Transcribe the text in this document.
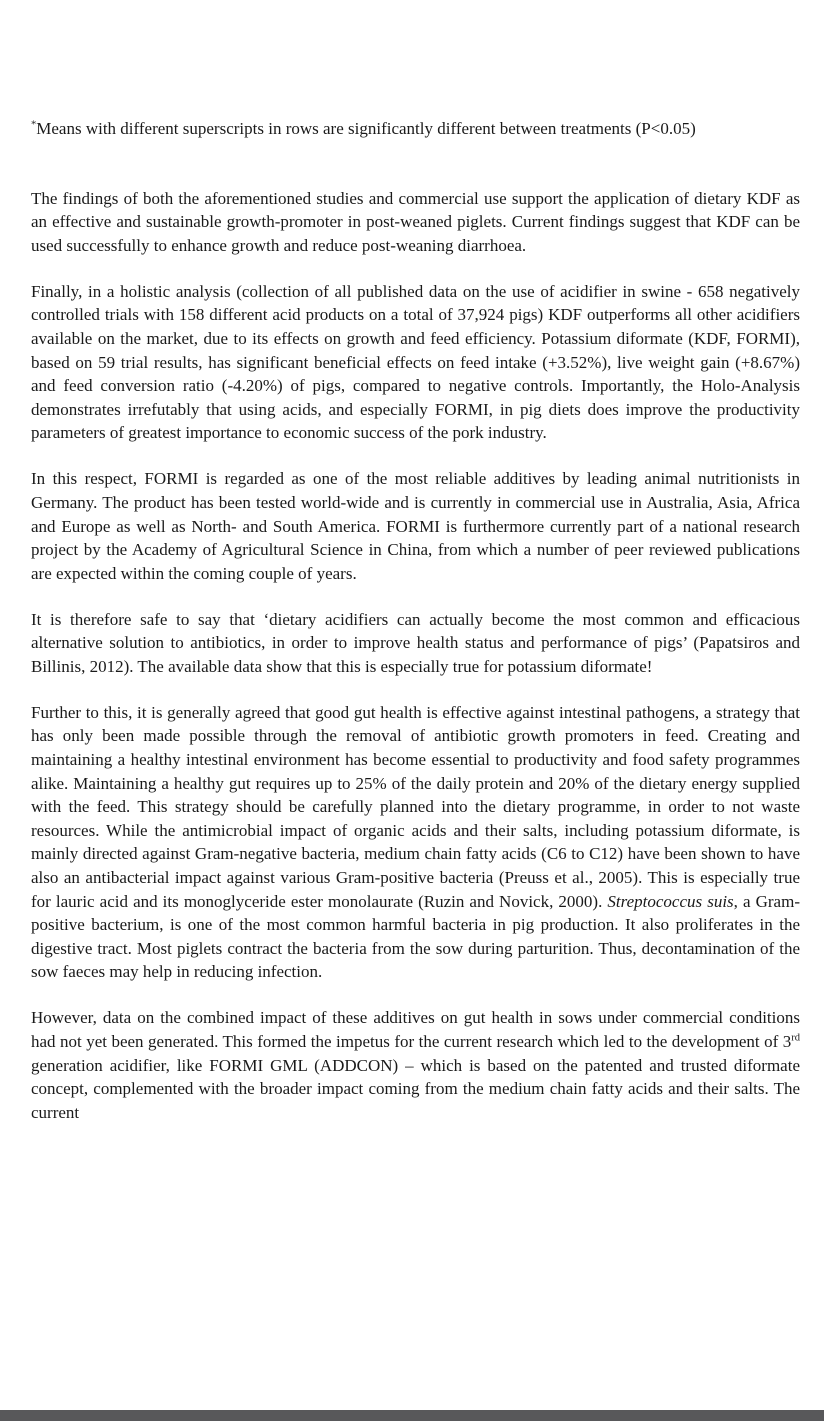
*Means with different superscripts in rows are significantly different between treatments (P<0.05)

The findings of both the aforementioned studies and commercial use support the application of dietary KDF as an effective and sustainable growth-promoter in post-weaned piglets. Current findings suggest that KDF can be used successfully to enhance growth and reduce post-weaning diarrhoea.

Finally, in a holistic analysis (collection of all published data on the use of acidifier in swine - 658 negatively controlled trials with 158 different acid products on a total of 37,924 pigs) KDF outperforms all other acidifiers available on the market, due to its effects on growth and feed efficiency. Potassium diformate (KDF, FORMI), based on 59 trial results, has significant beneficial effects on feed intake (+3.52%), live weight gain (+8.67%) and feed conversion ratio (-4.20%) of pigs, compared to negative controls. Importantly, the Holo-Analysis demonstrates irrefutably that using acids, and especially FORMI, in pig diets does improve the productivity parameters of greatest importance to economic success of the pork industry.

In this respect, FORMI is regarded as one of the most reliable additives by leading animal nutritionists in Germany. The product has been tested world-wide and is currently in commercial use in Australia, Asia, Africa and Europe as well as North- and South America. FORMI is furthermore currently part of a national research project by the Academy of Agricultural Science in China, from which a number of peer reviewed publications are expected within the coming couple of years.

It is therefore safe to say that ‘dietary acidifiers can actually become the most common and efficacious alternative solution to antibiotics, in order to improve health status and performance of pigs’ (Papatsiros and Billinis, 2012). The available data show that this is especially true for potassium diformate!

Further to this, it is generally agreed that good gut health is effective against intestinal pathogens, a strategy that has only been made possible through the removal of antibiotic growth promoters in feed. Creating and maintaining a healthy intestinal environment has become essential to productivity and food safety programmes alike. Maintaining a healthy gut requires up to 25% of the daily protein and 20% of the dietary energy supplied with the feed. This strategy should be carefully planned into the dietary programme, in order to not waste resources. While the antimicrobial impact of organic acids and their salts, including potassium diformate, is mainly directed against Gram-negative bacteria, medium chain fatty acids (C6 to C12) have been shown to have also an antibacterial impact against various Gram-positive bacteria (Preuss et al., 2005). This is especially true for lauric acid and its monoglyceride ester monolaurate (Ruzin and Novick, 2000). Streptococcus suis, a Gram-positive bacterium, is one of the most common harmful bacteria in pig production. It also proliferates in the digestive tract. Most piglets contract the bacteria from the sow during parturition. Thus, decontamination of the sow faeces may help in reducing infection.

However, data on the combined impact of these additives on gut health in sows under commercial conditions had not yet been generated. This formed the impetus for the current research which led to the development of 3rd generation acidifier, like FORMI GML (ADDCON) – which is based on the patented and trusted diformate concept, complemented with the broader impact coming from the medium chain fatty acids and their salts. The current
